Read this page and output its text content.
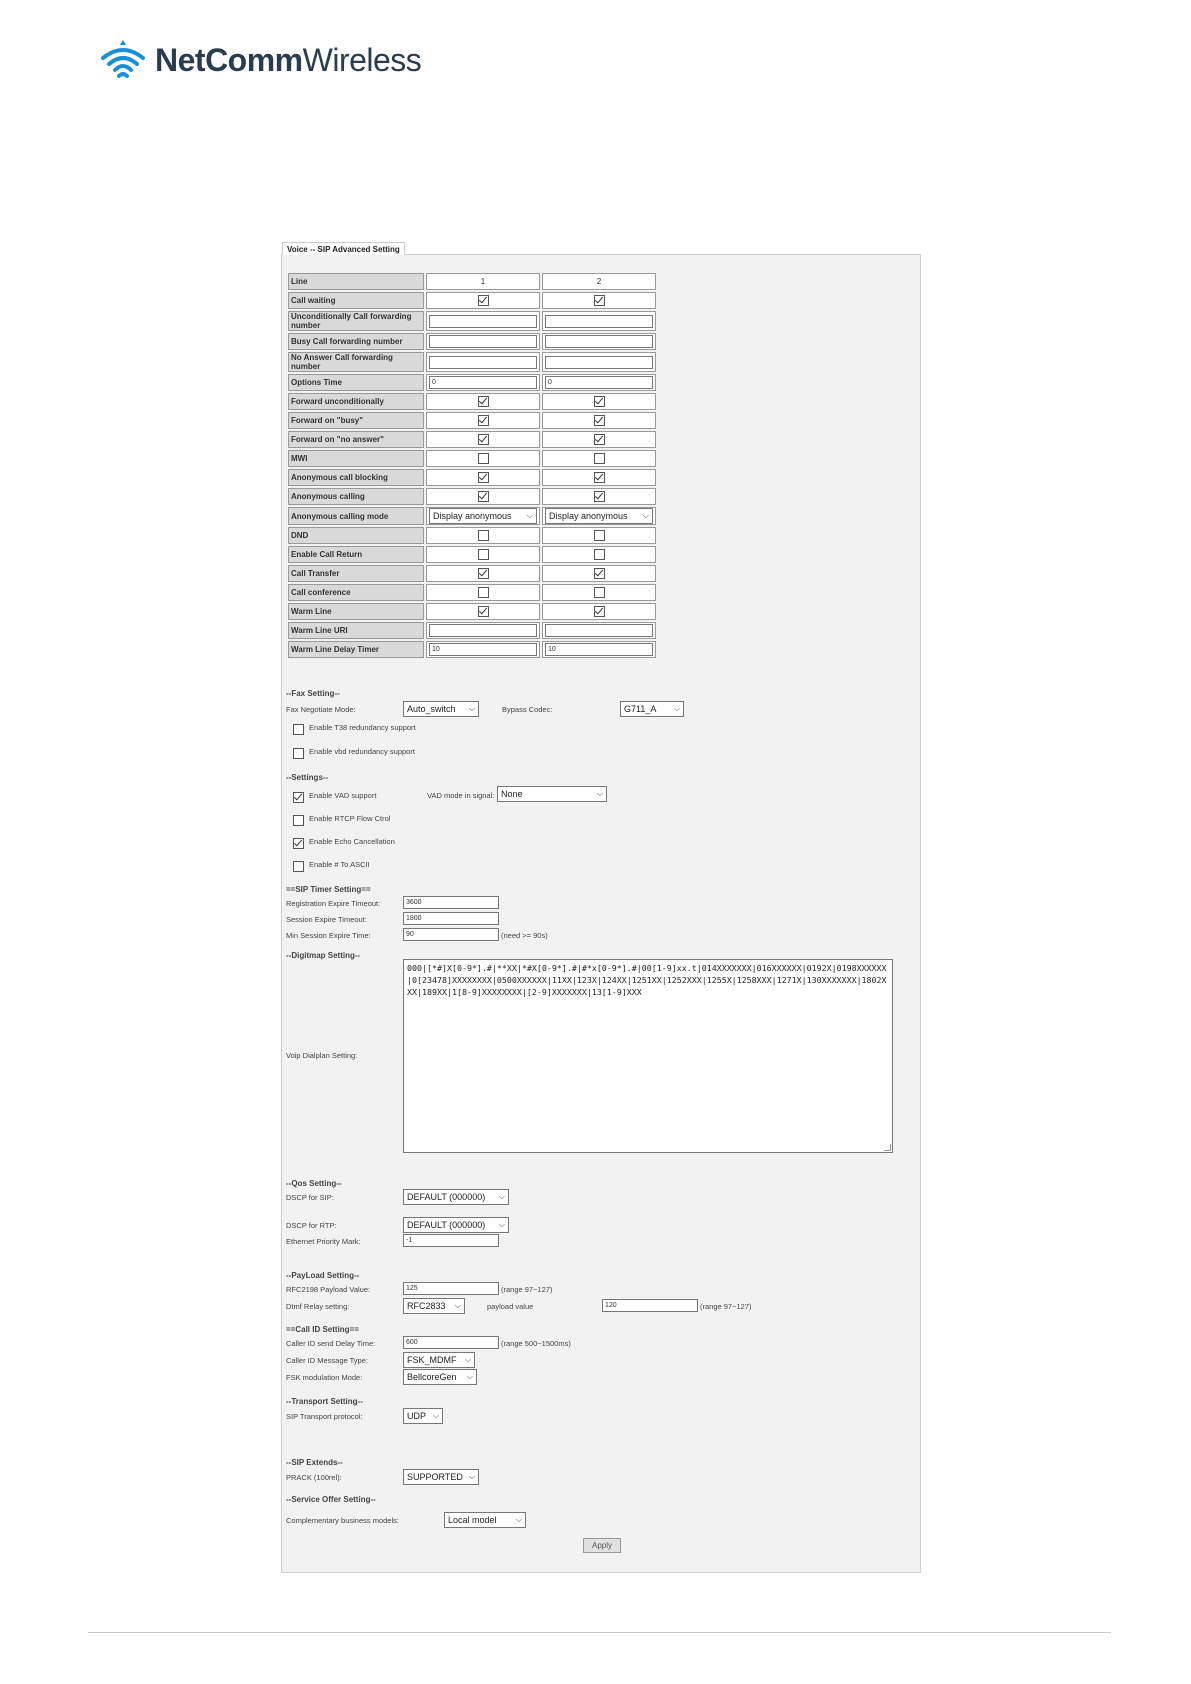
NetCommWireless
Voice -- SIP Advanced Setting
Line	1	2
Call waiting		
Unconditionally Call forwarding number	

Busy Call forwarding number	

No Answer Call forwarding number	

Options Time	0	0

Forward unconditionally		
Forward on "busy"		
Forward on "no answer"		
MWI		
Anonymous call blocking		
Anonymous calling		
Anonymous calling mode	Display anonymous ⌵	Display anonymous ⌵

DND		
Enable Call Return		
Call Transfer		
Call conference		
Warm Line		
Warm Line URI	

Warm Line Delay Timer	10	10
--Fax Setting--
Fax Negotiate Mode:	Auto_switch ⌵	Bypass Codec:	G711_A ⌵
Enable T38 redundancy support
Enable vbd redundancy support
--Settings--
Enable VAD support	VAD mode in signal: None	⌵
Enable RTCP Flow Ctrol
Enable Echo Cancellation
Enable # To ASCII
==SIP Timer Setting==
Registration Expire Timeout:	3600
Session Expire Timeout:	1800
Min Session Expire Time:	90	(need >= 90s)
--Digitmap Setting--
Voip Dialplan Setting:
000|[*#]X[0-9*].#|**XX|*#X[0-9*].#|#*x[0-9*].#|00[1-9]xx.t|014XXXXXXX|016XXXXXX|0192X|0198XXXXXX|0[23478]XXXXXXXX|0500XXXXXX|11XX|123X|124XX|1251XX|1252XXX|1255X|1258XXX|1271X|130XXXXXXX|1802XXX|189XX|1[8-9]XXXXXXXX|[2-9]XXXXXXX|13[1-9]XXX
--Qos Setting--
DSCP for SIP:	DEFAULT (000000) ⌵
DSCP for RTP:	DEFAULT (000000) ⌵
Ethernet Priority Mark:	-1
--PayLoad Setting--
RFC2198 Payload Value:	125	(range 97~127)
Dtmf Relay setting:	RFC2833 ⌵	payload value	120	(range 97~127)
==Call ID Setting==
Caller ID send Delay Time:	600	(range 500~1500ms)
Caller ID Message Type:	FSK_MDMF ⌵
FSK modulation Mode:	BellcoreGen ⌵
--Transport Setting--
SIP Transport protocol:	UDP ⌵
--SIP Extends--
PRACK (100rel):	SUPPORTED ⌵
--Service Offer Setting--
Complementary business models:	Local model ⌵
Apply
